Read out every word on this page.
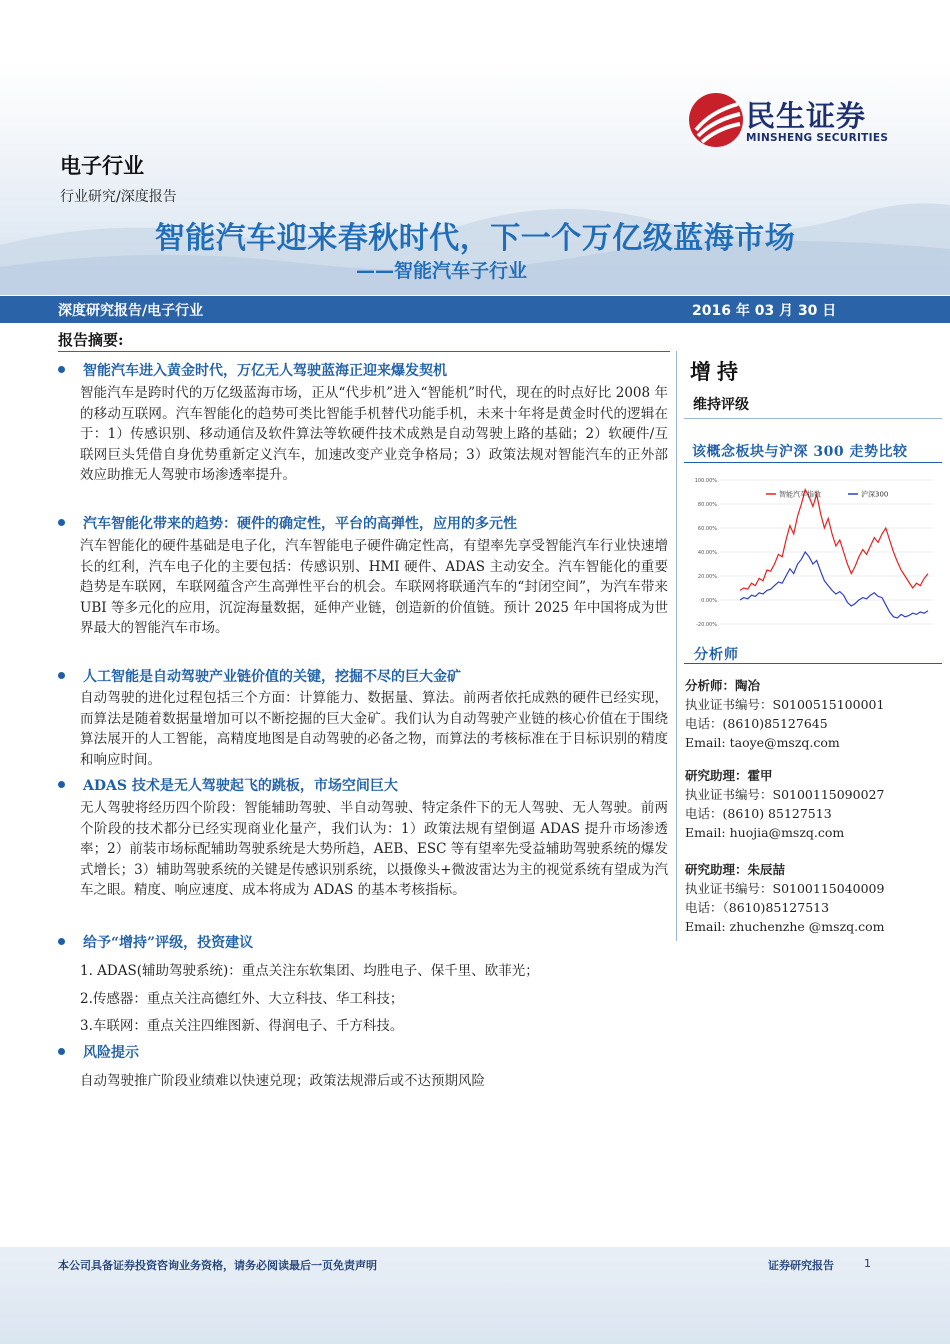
民生证券
MINSHENG SECURITIES
电子行业
行业研究/深度报告
智能汽车迎来春秋时代，下一个万亿级蓝海市场
——智能汽车子行业
深度研究报告/电子行业	2016 年 03 月 30 日
报告摘要:
智能汽车进入黄金时代，万亿无人驾驶蓝海正迎来爆发契机
智能汽车是跨时代的万亿级蓝海市场，正从“代步机”进入“智能机”时代，现在的时点好比 2008 年的移动互联网。汽车智能化的趋势可类比智能手机替代功能手机，未来十年将是黄金时代的逻辑在于：1）传感识别、移动通信及软件算法等软硬件技术成熟是自动驾驶上路的基础；2）软硬件/互联网巨头凭借自身优势重新定义汽车，加速改变产业竞争格局；3）政策法规对智能汽车的正外部效应助推无人驾驶市场渗透率提升。
汽车智能化带来的趋势：硬件的确定性，平台的高弹性，应用的多元性
汽车智能化的硬件基础是电子化，汽车智能电子硬件确定性高，有望率先享受智能汽车行业快速增长的红利，汽车电子化的主要包括：传感识别、HMI 硬件、ADAS 主动安全。汽车智能化的重要趋势是车联网，车联网蕴含产生高弹性平台的机会。车联网将联通汽车的“封闭空间”，为汽车带来 UBI 等多元化的应用，沉淀海量数据，延伸产业链，创造新的价值链。预计 2025 年中国将成为世界最大的智能汽车市场。
人工智能是自动驾驶产业链价值的关键，挖掘不尽的巨大金矿
自动驾驶的进化过程包括三个方面：计算能力、数据量、算法。前两者依托成熟的硬件已经实现，而算法是随着数据量增加可以不断挖掘的巨大金矿。我们认为自动驾驶产业链的核心价值在于围绕算法展开的人工智能，高精度地图是自动驾驶的必备之物，而算法的考核标准在于目标识别的精度和响应时间。
ADAS 技术是无人驾驶起飞的跳板，市场空间巨大
无人驾驶将经历四个阶段：智能辅助驾驶、半自动驾驶、特定条件下的无人驾驶、无人驾驶。前两个阶段的技术都分已经实现商业化量产，我们认为：1）政策法规有望倒逼 ADAS 提升市场渗透率；2）前装市场标配辅助驾驶系统是大势所趋，AEB、ESC 等有望率先受益辅助驾驶系统的爆发式增长；3）辅助驾驶系统的关键是传感识别系统，以摄像头+微波雷达为主的视觉系统有望成为汽车之眼。精度、响应速度、成本将成为 ADAS 的基本考核指标。
给予“增持”评级，投资建议
1. ADAS(辅助驾驶系统)：重点关注东软集团、均胜电子、保千里、欧菲光；
2.传感器：重点关注高德红外、大立科技、华工科技；
3.车联网：重点关注四维图新、得润电子、千方科技。
风险提示
自动驾驶推广阶段业绩难以快速兑现；政策法规滞后或不达预期风险
增持
维持评级
该概念板块与沪深 300 走势比较
100.00%
80.00%
60.00%
40.00%
20.00%
0.00%
-20.00%
智能汽车指数	沪深300
分析师
分析师：陶冶
执业证书编号：S0100515100001
电话：(8610)85127645
Email: taoye@mszq.com
研究助理：霍甲
执业证书编号：S0100115090027
电话：(8610) 85127513
Email: huojia@mszq.com
研究助理：朱辰喆
执业证书编号：S0100115040009
电话：（8610)85127513
Email: zhuchenzhe @mszq.com
本公司具备证券投资咨询业务资格，请务必阅读最后一页免责声明	证券研究报告	1
